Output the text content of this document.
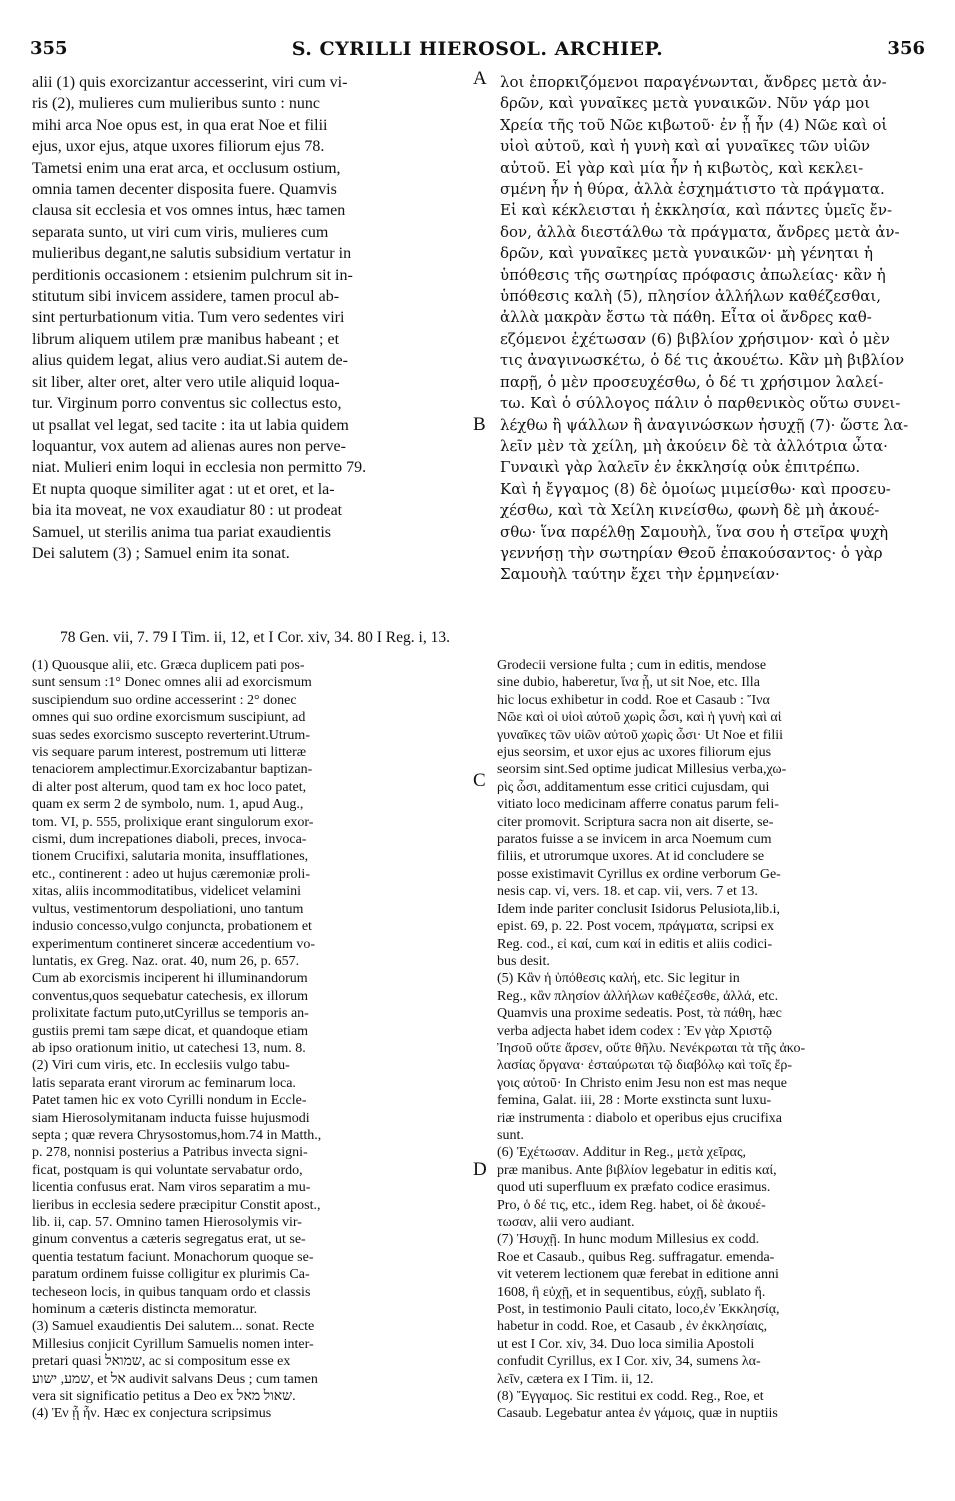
355	S. CYRILLI HIEROSOL. ARCHIEP.	356
alii (1) quis exorcizantur accesserint, viri cum vi-
ris (2), mulieres cum mulieribus sunto : nunc
mihi arca Noe opus est, in qua erat Noe et filii
ejus, uxor ejus, atque uxores filiorum ejus 78.
Tametsi enim una erat arca, et occlusum ostium,
omnia tamen decenter disposita fuere. Quamvis
clausa sit ecclesia et vos omnes intus, hæc tamen
separata sunto, ut viri cum viris, mulieres cum
mulieribus degant,ne salutis subsidium vertatur in
perditionis occasionem : etsienim pulchrum sit in-
stitutum sibi invicem assidere, tamen procul ab-
sint perturbationum vitia. Tum vero sedentes viri
librum aliquem utilem præ manibus habeant ; et
alius quidem legat, alius vero audiat.Si autem de-
sit liber, alter oret, alter vero utile aliquid loqua-
tur. Virginum porro conventus sic collectus esto,
ut psallat vel legat, sed tacite : ita ut labia quidem
loquantur, vox autem ad alienas aures non perve-
niat. Mulieri enim loqui in ecclesia non permitto 79.
Et nupta quoque similiter agat : ut et oret, et la-
bia ita moveat, ne vox exaudiatur 80 : ut prodeat
Samuel, ut sterilis anima tua pariat exaudientis
Dei salutem (3) ; Samuel enim ita sonat.
λοι ἐπορκιζόμενοι παραγένωνται, ἄνδρες μετὰ ἀν-
δρῶν, καὶ γυναῖκες μετὰ γυναικῶν. Νῦν γάρ μοι
Χρεία τῆς τοῦ Νῶε κιβωτοῦ· ἐν ᾗ ἦν (4) Νῶε καὶ οἱ
υἱοὶ αὐτοῦ, καὶ ἡ γυνὴ καὶ αἱ γυναῖκες τῶν υἱῶν
αὐτοῦ. Εἰ γὰρ καὶ μία ἦν ἡ κιβωτὸς, καὶ κεκλει-
σμένη ἦν ἡ θύρα, ἀλλὰ ἐσχημάτιστο τὰ πράγματα.
Εἰ καὶ κέκλεισται ἡ ἐκκλησία, καὶ πάντες ὑμεῖς ἔν-
δον, ἀλλὰ διεστάλθω τὰ πράγματα, ἄνδρες μετὰ ἀν-
δρῶν, καὶ γυναῖκες μετὰ γυναικῶν· μὴ γένηται ἡ
ὑπόθεσις τῆς σωτηρίας πρόφασις ἀπωλείας· κἂν ἡ
ὑπόθεσις καλὴ (5), πλησίον ἀλλήλων καθέζεσθαι,
ἀλλὰ μακρὰν ἔστω τὰ πάθη. Εἶτα οἱ ἄνδρες καθ-
εζόμενοι ἐχέτωσαν (6) βιβλίον χρήσιμον· καὶ ὁ μὲν
τις ἀναγινωσκέτω, ὁ δέ τις ἀκουέτω. Κἂν μὴ βιβλίον
παρῇ, ὁ μὲν προσευχέσθω, ὁ δέ τι χρήσιμον λαλεί-
τω. Καὶ ὁ σύλλογος πάλιν ὁ παρθενικὸς οὕτω συνει-
λέχθω ἢ ψάλλων ἢ ἀναγινώσκων ἡσυχῇ (7)· ὥστε λα-
λεῖν μὲν τὰ χείλη, μὴ ἀκούειν δὲ τὰ ἀλλότρια ὦτα·
Γυναικὶ γὰρ λαλεῖν ἐν ἐκκλησίᾳ οὐκ ἐπιτρέπω.
Καὶ ἡ ἔγγαμος (8) δὲ ὁμοίως μιμείσθω· καὶ προσευ-
χέσθω, καὶ τὰ Χείλη κινείσθω, φωνὴ δὲ μὴ ἀκουέ-
σθω· ἵνα παρέλθῃ Σαμουὴλ, ἵνα σου ἡ στεῖρα ψυχὴ
γεννήσῃ τὴν σωτηρίαν Θεοῦ ἐπακούσαντος· ὁ γὰρ
Σαμουὴλ ταύτην ἔχει τὴν ἑρμηνείαν·
A
B
C
D
78 Gen. vii, 7. 79 I Tim. ii, 12, et I Cor. xiv, 34. 80 I Reg. i, 13.
(1) Quousque alii, etc. Græca duplicem pati pos-
sunt sensum :1° Donec omnes alii ad exorcismum
suscipiendum suo ordine accesserint : 2° donec
omnes qui suo ordine exorcismum suscipiunt, ad
suas sedes exorcismo suscepto reverterint.Utrum-
vis sequare parum interest, postremum uti litteræ
tenaciorem amplectimur.Exorcizabantur baptizan-
di alter post alterum, quod tam ex hoc loco patet,
quam ex serm 2 de symbolo, num. 1, apud Aug.,
tom. VI, p. 555, prolixique erant singulorum exor-
cismi, dum increpationes diaboli, preces, invoca-
tionem Crucifixi, salutaria monita, insufflationes,
etc., continerent : adeo ut hujus cæremoniæ proli-
xitas, aliis incommoditatibus, videlicet velamini
vultus, vestimentorum despoliationi, uno tantum
indusio concesso,vulgo conjuncta, probationem et
experimentum contineret sinceræ accedentium vo-
luntatis, ex Greg. Naz. orat. 40, num 26, p. 657.
Cum ab exorcismis inciperent hi illuminandorum
conventus,quos sequebatur catechesis, ex illorum
prolixitate factum puto,utCyrillus se temporis an-
gustiis premi tam sæpe dicat, et quandoque etiam
ab ipso orationum initio, ut catechesi 13, num. 8.
(2) Viri cum viris, etc. In ecclesiis vulgo tabu-
latis separata erant virorum ac feminarum loca.
Patet tamen hic ex voto Cyrilli nondum in Eccle-
siam Hierosolymitanam inducta fuisse hujusmodi
septa ; quæ revera Chrysostomus,hom.74 in Matth.,
p. 278, nonnisi posterius a Patribus invecta signi-
ficat, postquam is qui voluntate servabatur ordo,
licentia confusus erat. Nam viros separatim a mu-
lieribus in ecclesia sedere præcipitur Constit apost.,
lib. ii, cap. 57. Omnino tamen Hierosolymis vir-
ginum conventus a cæteris segregatus erat, ut se-
quentia testatum faciunt. Monachorum quoque se-
paratum ordinem fuisse colligitur ex plurimis Ca-
techeseon locis, in quibus tanquam ordo et classis
hominum a cæteris distincta memoratur.
(3) Samuel exaudientis Dei salutem... sonat. Recte
Millesius conjicit Cyrillum Samuelis nomen inter-
pretari quasi שמואל, ac si compositum esse ex
שמע, ישוע, et אל audivit salvans Deus ; cum tamen
vera sit significatio petitus a Deo ex שאול מאל.
(4) Ἐν ᾗ ἦν. Hæc ex conjectura scripsimus
Grodecii versione fulta ; cum in editis, mendose
sine dubio, haberetur, ἵνα ᾖ, ut sit Noe, etc. Illa
hic locus exhibetur in codd. Roe et Casaub : Ἵνα
Νῶε καὶ οἱ υἱοὶ αὐτοῦ χωρὶς ὦσι, καὶ ἡ γυνὴ καὶ αἱ
γυναῖκες τῶν υἱῶν αὐτοῦ χωρὶς ὦσι· Ut Noe et filii
ejus seorsim, et uxor ejus ac uxores filiorum ejus
seorsim sint.Sed optime judicat Millesius verba,χω-
ρὶς ὦσι, additamentum esse critici cujusdam, qui
vitiato loco medicinam afferre conatus parum feli-
citer promovit. Scriptura sacra non ait diserte, se-
paratos fuisse a se invicem in arca Noemum cum
filiis, et utrorumque uxores. At id concludere se
posse existimavit Cyrillus ex ordine verborum Ge-
nesis cap. vi, vers. 18. et cap. vii, vers. 7 et 13.
Idem inde pariter conclusit Isidorus Pelusiota,lib.i,
epist. 69, p. 22. Post vocem, πράγματα, scripsi ex
Reg. cod., εἰ καί, cum καί in editis et aliis codici-
bus desit.
(5) Κἂν ἡ ὑπόθεσις καλή, etc. Sic legitur in
Reg., κἂν πλησίον ἀλλήλων καθέζεσθε, ἀλλά, etc.
Quamvis una proxime sedeatis. Post, τὰ πάθη, hæc
verba adjecta habet idem codex : Ἐν γὰρ Χριστῷ
Ἰησοῦ οὔτε ἄρσεν, οὔτε θῆλυ. Νενέκρωται τὰ τῆς ἀκο-
λασίας ὄργανα· ἐσταύρωται τῷ διαβόλῳ καὶ τοῖς ἔρ-
γοις αὐτοῦ· In Christo enim Jesu non est mas neque
femina, Galat. iii, 28 : Morte exstincta sunt luxu-
riæ instrumenta : diabolo et operibus ejus crucifixa
sunt.
(6) Ἐχέτωσαν. Additur in Reg., μετὰ χεῖρας,
præ manibus. Ante βιβλίον legebatur in editis καί,
quod uti superfluum ex præfato codice erasimus.
Pro, ὁ δέ τις, etc., idem Reg. habet, οἱ δὲ ἀκουέ-
τωσαν, alii vero audiant.
(7) Ἡσυχῇ. In hunc modum Millesius ex codd.
Roe et Casaub., quibus Reg. suffragatur. emenda-
vit veterem lectionem quæ ferebat in editione anni
1608, ἢ εὐχῇ, et in sequentibus, εὐχῇ, sublato ἤ.
Post, in testimonio Pauli citato, loco,ἐν Ἐκκλησίᾳ,
habetur in codd. Roe, et Casaub , ἐν ἐκκλησίαις,
ut est I Cor. xiv, 34. Duo loca similia Apostoli
confudit Cyrillus, ex I Cor. xiv, 34, sumens λα-
λεῖν, cætera ex I Tim. ii, 12.
(8) Ἔγγαμος. Sic restitui ex codd. Reg., Roe, et
Casaub. Legebatur antea ἐν γάμοις, quæ in nuptiis
